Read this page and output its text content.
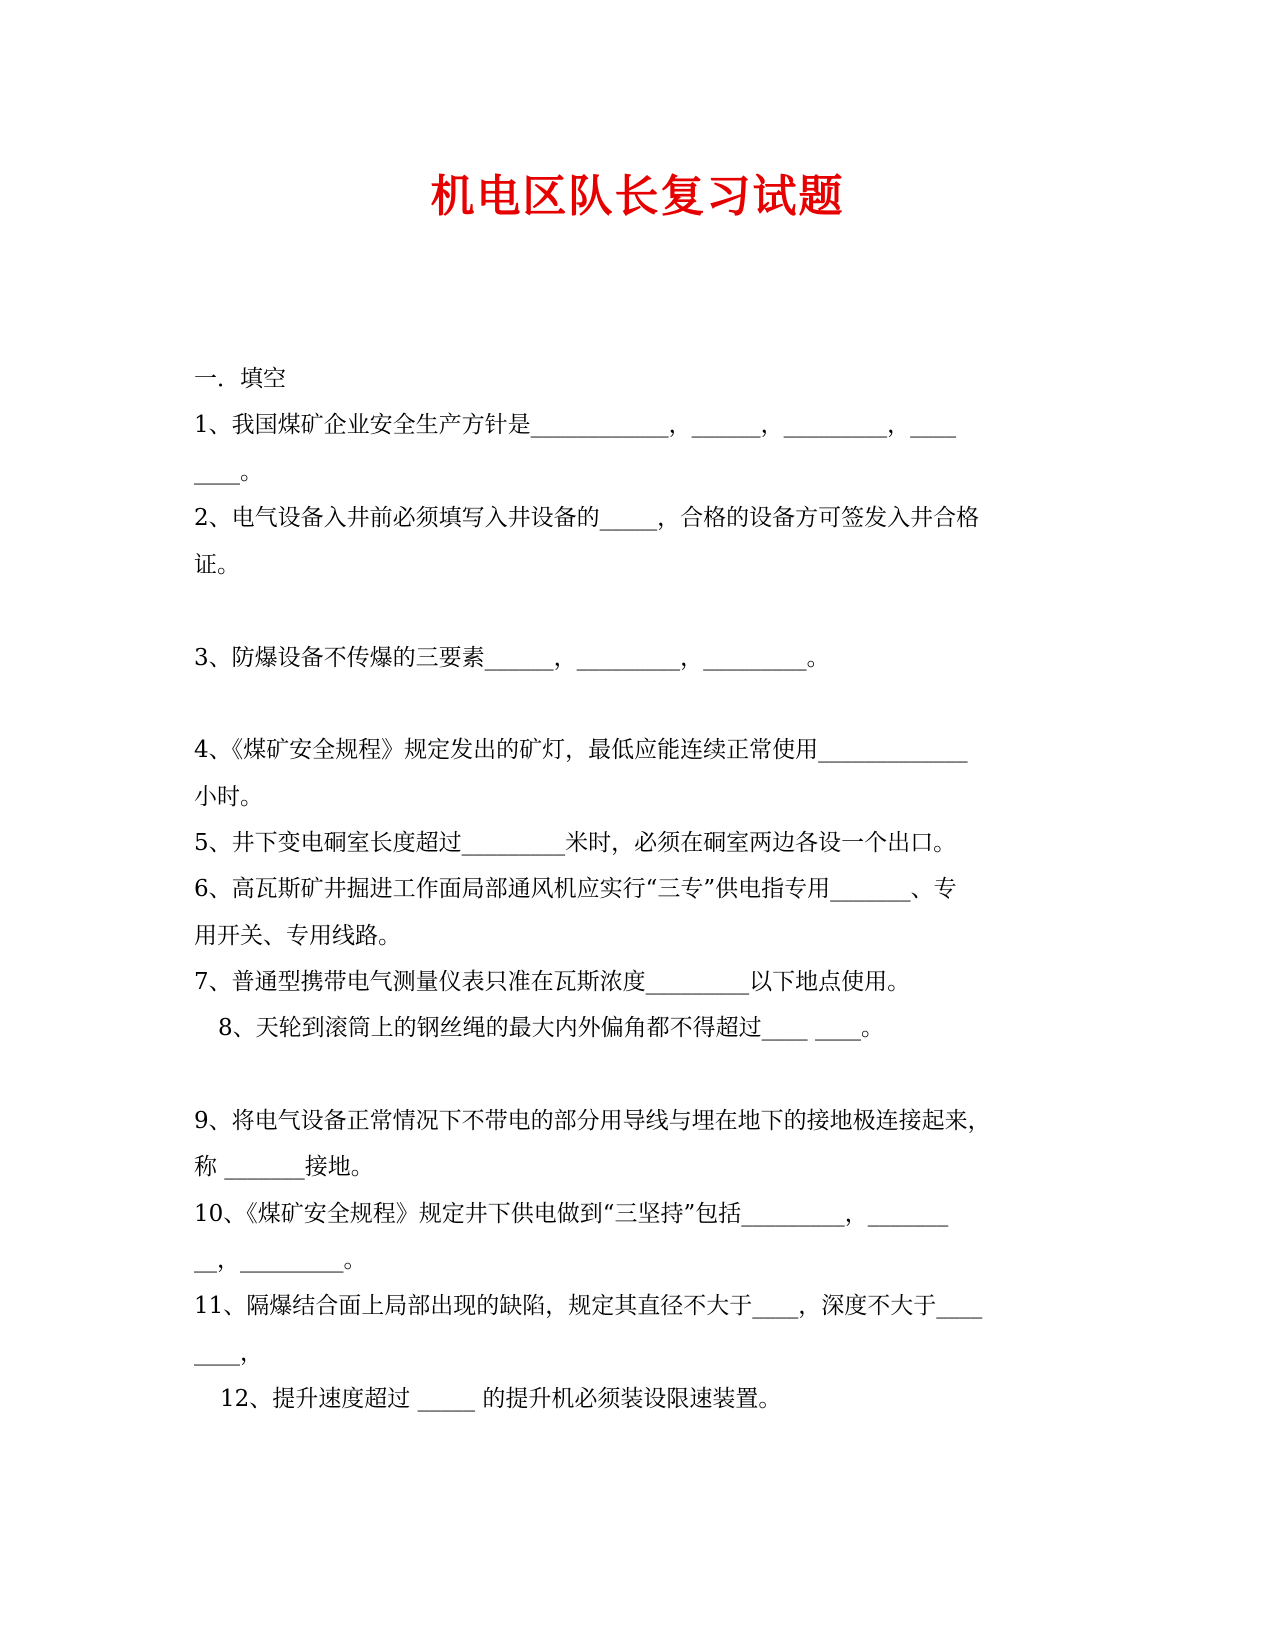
机电区队长复习试题
一．填空
1、我国煤矿企业安全生产方针是____________，______，_________，____
____。
2、电气设备入井前必须填写入井设备的_____，合格的设备方可签发入井合格
证。
3、防爆设备不传爆的三要素______，_________，_________。
4、《煤矿安全规程》规定发出的矿灯，最低应能连续正常使用_____________
小时。
5、井下变电硐室长度超过_________米时，必须在硐室两边各设一个出口。
6、高瓦斯矿井掘进工作面局部通风机应实行“三专”供电指专用_______、专
用开关、专用线路。
7、普通型携带电气测量仪表只准在瓦斯浓度_________以下地点使用。
8、天轮到滚筒上的钢丝绳的最大内外偏角都不得超过____ ____。
9、将电气设备正常情况下不带电的部分用导线与埋在地下的接地极连接起来，
称 _______接地。
10、《煤矿安全规程》规定井下供电做到“三坚持”包括_________，_______
__，_________。
11、隔爆结合面上局部出现的缺陷，规定其直径不大于____，深度不大于____
____，
12、提升速度超过 _____ 的提升机必须装设限速装置。
